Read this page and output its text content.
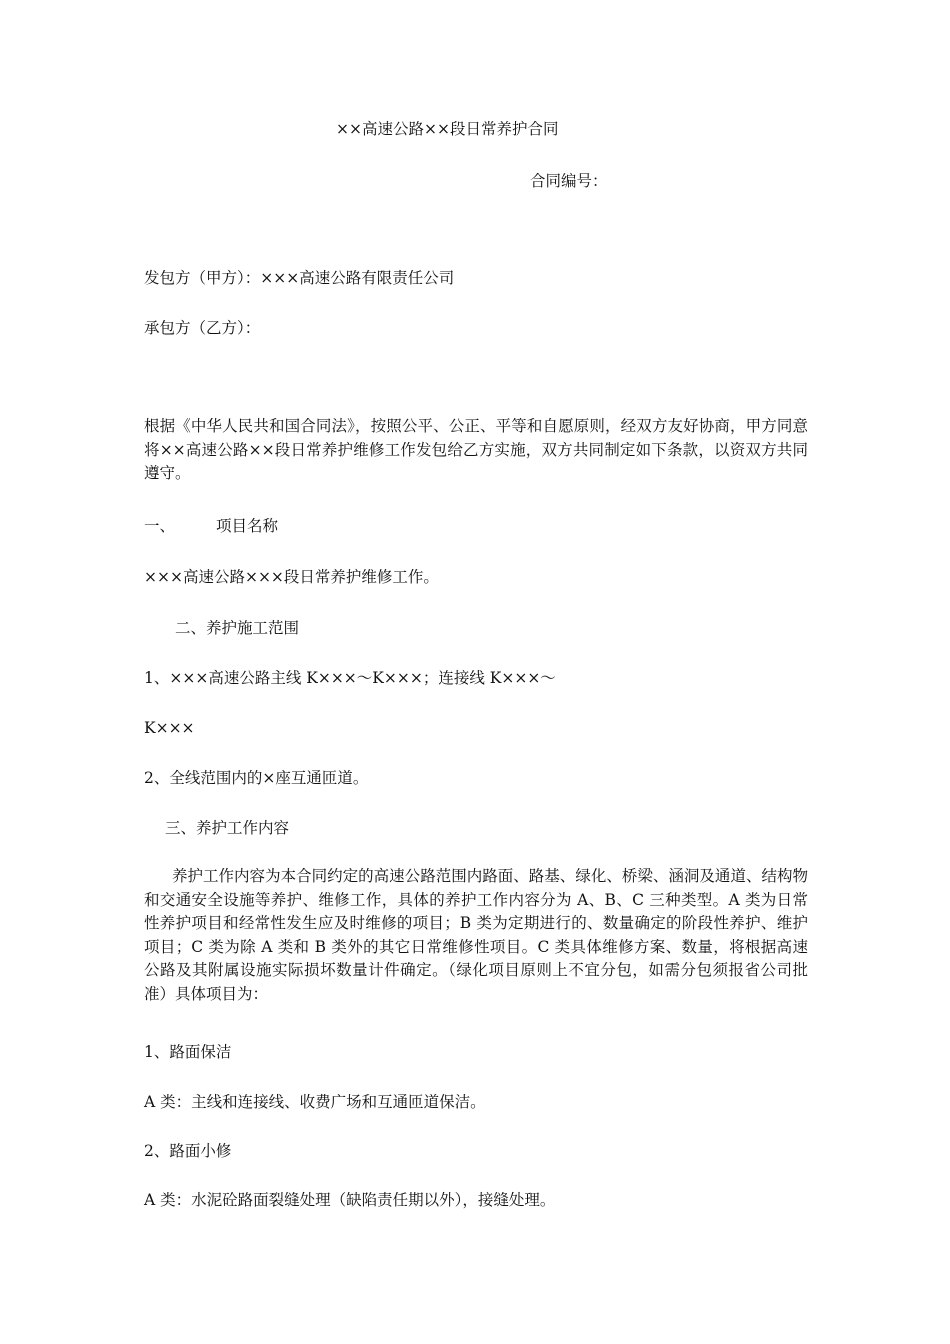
××高速公路××段日常养护合同

合同编号：

发包方（甲方）：×××高速公路有限责任公司

承包方（乙方）：

根据《中华人民共和国合同法》，按照公平、公正、平等和自愿原则，经双方友好协商，甲方同意将××高速公路××段日常养护维修工作发包给乙方实施，双方共同制定如下条款，以资双方共同遵守。

一、	项目名称

×××高速公路×××段日常养护维修工作。

二、养护施工范围

1、×××高速公路主线 K×××～K×××；连接线 K×××～

K×××

2、全线范围内的×座互通匝道。

三、养护工作内容

养护工作内容为本合同约定的高速公路范围内路面、路基、绿化、桥梁、涵洞及通道、结构物和交通安全设施等养护、维修工作，具体的养护工作内容分为 A、B、C 三种类型。A 类为日常性养护项目和经常性发生应及时维修的项目；B 类为定期进行的、数量确定的阶段性养护、维护项目；C 类为除 A 类和 B 类外的其它日常维修性项目。C 类具体维修方案、数量，将根据高速公路及其附属设施实际损坏数量计件确定。（绿化项目原则上不宜分包，如需分包须报省公司批准）具体项目为：

1、路面保洁

A 类：主线和连接线、收费广场和互通匝道保洁。

2、路面小修

A 类：水泥砼路面裂缝处理（缺陷责任期以外），接缝处理。
